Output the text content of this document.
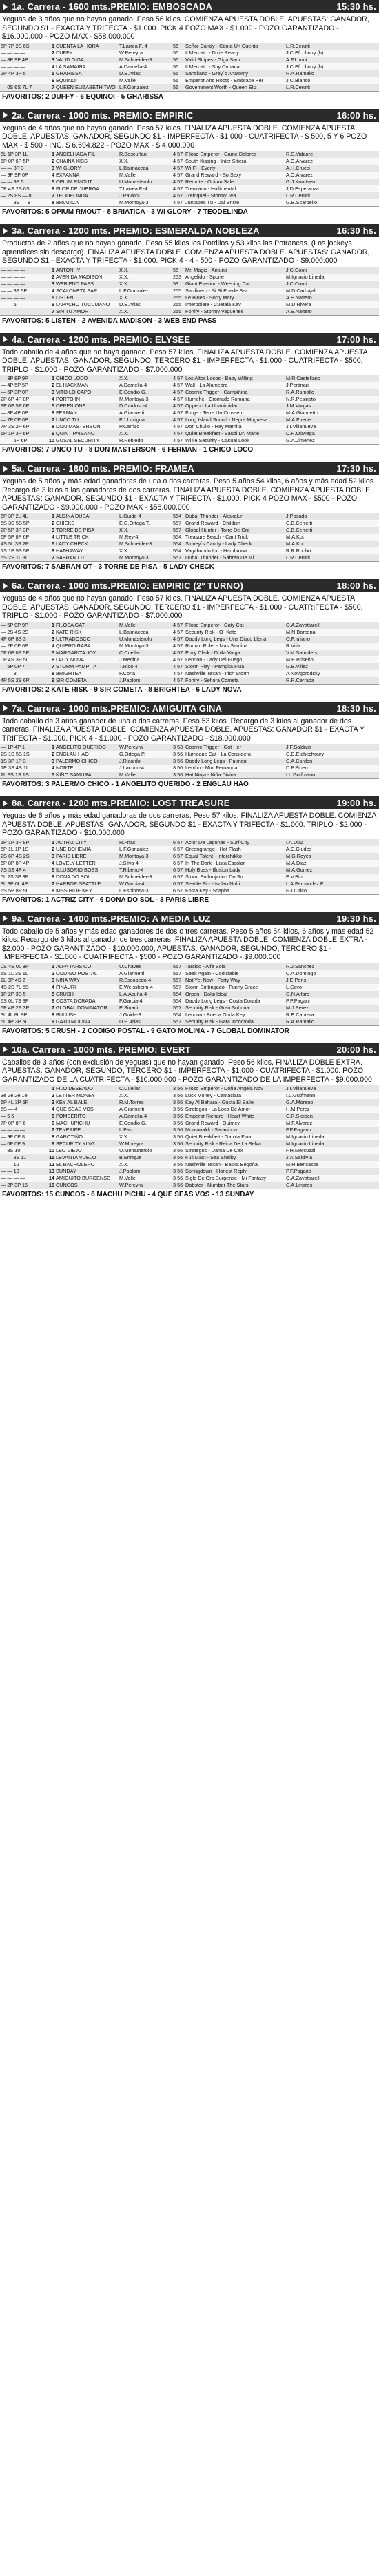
1a. Carrera - 1600 mts.PREMIO: EMBOSCADA	15:30 hs.
Yeguas de 3 años que no hayan ganado. Peso 56 kilos. COMIENZA APUESTA DOBLE. APUESTAS: GANADOR, SEGUNDO $1 - EXACTA Y TRIFECTA - $1.000. PICK 4 POZO MAX - $1.000 - POZO GARANTIZADO - $16.000.000 - POZO MAX - $58.000.000
5P 7P 2S 6S	1	CUENTA LA HORA	T.Larrea F.-4	56	Señor Candy - Conta Un Cuento	L.R.Cerutti
— — — —	2	DUFFY	W.Pereyra	56	Il Mercato - Dixie Ready	J.C.Ef. chouy (h)
— 8P 9P 4P	3	VALID GIGA	M.Schneider-3	56	Valid Stripes - Giga Sam	A.F.Lunni
— — — —	4	LA SAMARIA	A.Damelia-4	56	Il Mercato - Shy Cubana	J.C.Ef. chouy (h)
2P 4P 3P 5	5	GHARISSA	D.E.Arias	56	Santillano - Grey´s Anatomy	R.A.Ramallo
— — — —	6	EQUINOI	M.Valle	56	Emperor And Roots - Embrace Her	J.C.Blanco
— 0S 6S 7L 7	7	QUEEN ELIZABETH TWO	L.F.Gonzalez	56	Government Worth - Queen Eliz	L.R.Cerutti
FAVORITOS: 2 DUFFY - 6 EQUINOI - 5 GHARISSA
2a. Carrera - 1000 mts. PREMIO: EMPIRIC	16:00 hs.
Yeguas de 4 años que no hayan ganado. Peso 57 kilos. FINALIZA APUESTA DOBLE. COMIENZA APUESTA DOBLE. APUESTAS: GANADOR, SEGUNDO $1 - IMPERFECTA - $1.000 - CUATRIFECTA - $ 500, 5 Y 6 POZO MAX - $ 500 - INC. $ 6.694.822 - POZO MAX - $ 4.000.000
5L 1P 3P 1L	1	ANGELHADA FIL	R.Boscuñan	4 57	Filoso Emperor - Game Dolores	R.S.Vidaure
6P 0P 6P 5P	2	CHAINA KISS	X.X.	4 57	South Kissing - Inter Sitiera	A.O.Alvarez
— — 8P 3	3	WI GLORY	L.Balmaceda	4 57	Wi Fi - Everly	A.H.Crucci
— 9P 9P 0P	4	EXPANNA	M.Valle	4 57	Grand Reward - So Sexy	A.O.Alvarez
— — 9P 5	5	OPIUM RMOUT	U.Monasterolo	4 57	Remote - Opium Sale	G.J.Knuttsen
0P 4S 2S 6S	6	FLOR DE JUERGA	T.Larrea F.-4	4 57	Trenzado - Hollimental	J.D.Esperanza
— 2S 8S — 8	7	TEODELINDA	J.Pavloni	4 57	Treinquel - Stormy Tea	L.R.Cerutti
— — 8S — 8	8	BRIATICA	M.Montoya-3	4 57	Juntabas Tú - Dal Briste	G.E.Scarpello
FAVORITOS: 5 OPIUM RMOUT - 8 BRIATICA - 3 WI GLORY - 7 TEODELINDA
3a. Carrera - 1200 mts. PREMIO: ESMERALDA NOBLEZA	16:30 hs.
Productos de 2 años que no hayan ganado. Peso 55 kilos los Potrillos y 53 kilos las Potrancas. (Los jockeys aprendices sin descargo). FINALIZA APUESTA DOBLE. COMIENZA APUESTA DOBLE. APUESTAS: GANADOR, SEGUNDO $1 - EXACTA Y TRIFECTA - $1.000. PICK 4 - 4 - 500 - POZO GARANTIZADO - $9.000.000
— — — —	1	ANTONHY	X.X.	55	Mr. Magic - Antuna	J.C.Conti
— — — —	2	AVENIDA MADISON	X.X.	253	Angelido - Sporie	M.Ignacio Lineda
— — — —	3	WEB END PASS	X.X.	53	Giant Evasion - Weeping Cat	J.C.Conti
— — 3P 5P	4	SCALONETA SAR	L.F.Gonzalez	255	Sardinero - Si Si Puede Ser	M.D.Carbajal
— — — —	5	LISTEN	X.X.	255	Le Blues - Sorry Mary	A.E.Nattero
— — 5 —	6	LAPACHO TUCUMANO	D.E.Arias	255	Interpolate - Cuetala Kev	M.D.Rivera
— — — —	7	SIN TU AMOR	X.X.	255	Fortify - Stormy Vaguenes	A.E.Nattero
FAVORITOS: 5 LISTEN - 2 AVENIDA MADISON - 3 WEB END PASS
4a. Carrera - 1200 mts. PREMIO: ELYSEE	17:00 hs.
Todo caballo de 4 años que no haya ganado. Peso 57 kilos. FINALIZA APUESTA DOBLE. COMIENZA APUESTA DOBLE. APUESTAS: GANADOR, SEGUNDO, TERCERO $1 - IMPERFECTA - $1.000 - CUATRIFECTA - $500, TRIPLO - $1.000 - POZO GARANTIZADO - $7.000.000
— 3P 8P 9P	1	CHICO LOCO	X.X.	4 57	Los Altos Locos - Baby Willing	M.R.Castellano
— 4P 5P 5P	2	EL HACKMAN	A.Damelia-4	4 57	Wall - La Alamedra	J.Pertinari
— 5P 3P 0P	3	VITO LO CAPO	E.Cendio G.	4 57	Cosmic Trigger - Campiñina	R.A.Ramallo
2P 6P 4P 0P	4	PORTO IN	M.Montoya-3	4 57	Hurriche - Cromado Romana	N.R.Pesinato
9E 0P 5P 0P	5	OPPEN ONE	D.Cardoso-4	4 57	Oppen - La Unanimidad	J.M.Vargas
— 8P 4P 0P	6	FERMAN	A.Giannetti	4 57	Forge - Terre Un Crossem	M.A.Giannetto
— 7P 0P 6P	7	UNCO TU	F.J.Lucigna	4 57	Long Island Sound - Negra Muguesa	M.A.Fuerte
7P 3S 2P 6P	8	DON MASTERSON	P.Carrizo	4 57	Don Chullo - Hay Mamita	J.I.Villanueva
6P 1P 3P 6P	9	QUINT PAISANO	X.X.	4 57	Quiet Breakfast - Saudi Dr. Marie	D.R.Olavaga
— — 5P 6P	10	GUSAL SECURITY	R.Rebledo	4 57	Willie Security - Casual Look	G.A.Jimenez
FAVORITOS: 7 UNCO TU - 8 DON MASTERSON - 6 FERMAN - 1 CHICO LOCO
5a. Carrera - 1800 mts. PREMIO: FRAMEA	17:30 hs.
Yeguas de 5 años y más edad ganadoras de una o dos carreras. Peso 5 años 54 kilos, 6 años y más edad 52 kilos. Recargo de 3 kilos a las ganadoras de dos carreras. FINALIZA APUESTA DOBLE. COMIENZA APUESTA DOBLE. APUESTAS: GANADOR, SEGUNDO $1 - EXACTA Y TRIFECTA - $1.000. PICK 4 POZO MAX - $500 - POZO GARANTIZADO - $9.000.000 - POZO MAX - $58.000.000
6P 3P 2L 4L	1	ALDINA DUBAI	L.Guide-4	554	Dubai Thunder - Akakalur	J.Posado
5S 3S 5S 5P	2	CHIEKS	E.G.Ortega T.	557	Grand Reward - Childish	C.B.Cerretti
2P 5P 3P 3P	3	TORRE DE PISA	X.X.	557	Global Hunter - Torre De Oro	C.B.Cerretti
6P 5P 8P 6P	4	LITTLE TRICK	M.Rey-4	554	Treasure Beach - Cant Trick	M.A.Kot
4S 5L 3S 2P	5	LADY CHECK	M.Schneider-3	554	Sidney´s Candy - Lady Check	M.A.Kot
1S 1P 5S 5P	6	HATHAWAY	X.X.	554	Vagabundo Inc - Hambrona	R.R.Robbo
5S 2S 1L 3L	7	SABRAN OT	M.Montoya-3	557	Dubai Thunder - Sabran De Mi	L.R.Cerutti
FAVORITOS: 7 SABRAN OT - 3 TORRE DE PISA - 5 LADY CHECK
6a. Carrera - 1000 mts.PREMIO: EMPIRIC (2º TURNO)	18:00 hs.
Yeguas de 4 años que no hayan ganado. Peso 57 kilos. FINALIZA APUESTA DOBLE. COMIENZA APUESTA DOBLE. APUESTAS: GANADOR, SEGUNDO, TERCERO $1 - IMPERFECTA - $1.000 - CUATRIFECTA - $500, TRIPLO - $1.000 - POZO GARANTIZADO - $7.000.000
— 5P 0P 9P	1	FILOSA GAT	M.Valle	4 57	Filoso Emperor - Gaty Cat	O.A.Zavattarelli
— 2S 4S 2S	2	KATE RISK	L.Balmaceda	4 57	Security Risk - O´ Kate	M.N.Barcena
4P 6P 8S 3	3	ULTRADOSCO	U.Monasterolo	4 57	Daddy Long Legs - Una Disco Llena	O.F.Iuliano
— 2P 0P 6P	4	QUIERO RABA	M.Montoya-3	4 57	Roman Ruler - Mas Sardina	R.Vilia
0P 0P 0P 5P	5	MARGARITA JOY	C.Cuellar	4 57	Enzy Clerk - Dolfa Varga	V.M.Saunders
0P 4S 3P 5L	6	LADY NOVA	J.Medina	4 57	Lennon - Lady Del Fuego	M.E.Briseño
— 5P 0P 7	7	STORM PAMPITA	T.Rios-4	4 57	Storm Play - Pampita Flua	G.E.Villez
— — 8	8	BRIGHTEA	F.Coria	4 57	Nashville Texan - Irish Storm	A.Novgorodsky
4P 5S 2S 6P	9	SIR COMETA	J.Paoloni	4 57	Fortify - Sefiora Cometa	R.R.Cerrada
FAVORITOS: 2 KATE RISK - 9 SIR COMETA - 8 BRIGHTEA - 6 LADY NOVA
7a. Carrera - 1000 mts.PREMIO: AMIGUITA GINA	18:30 hs.
Todo caballo de 3 años ganador de una o dos carreras. Peso 53 kilos. Recargo de 3 kilos al ganador de dos carreras. FINALIZA APUESTA DOBLE. COMIENZA APUESTA DOBLE. APUESTAS: GANADOR $1 - EXACTA Y TRIFECTA - $1.000. PICK 4 - $1.000 - POZO GARANTIZADO - $18.000.000
— 1P 4P 1	1	ANGELITO QUERIDO	W.Pereyra	3 53	Cosmic Trigger - Got Her	J.F.Saldivia
2S 1S 5S 1S	2	ENGLAU HAO	G.Ortega P.	3 56	Hurricane Cat - La Considera	C.D.Etchechoury
1S 3P 1P 3	3	PALERMO CHICO	J.Ricardo	3 56	Daddy Long Legs - Pulmani	C.A.Cardon
1E 3S 4S 1L	4	NORTE	J.Lacono-4	3 56	Lentho - Mini Fernanda	D.P.Pinero
2L 3S 1S 1S	5	ÑIÑO SAMURAI	M.Valle	3 56	Hat Ninja - Niña Divina	I.L.Gutfmann
FAVORITOS: 3 PALERMO CHICO - 1 ANGELITO QUERIDO - 2 ENGLAU HAO
8a. Carrera - 1200 mts.PREMIO: LOST TREASURE	19:00 hs.
Yeguas de 6 años y más edad ganadoras de dos carreras. Peso 57 kilos. FINALIZA APUESTA DOBLE. COMIENZA APUESTA DOBLE. APUESTAS: GANADOR, SEGUNDO $1 - EXACTA Y TRIFECTA - $1.000. TRIPLO - $2.000 - POZO GARANTIZADO - $10.000.000
1P 1P 3P 8P	1	ACTRIZ CITY	R.Frias	6 57	Actor De Lagunas - Surf City	I.A.Diaz
5P 1L 1P 1S	2	UNE BOHEMIA	L.F.Gonzalez	6 57	Greengrange - Hot Flash	A.C.Giudes
2S 6P 4S 2S	3	PARIS LIBRE	M.Montoya-3	6 57	Equal Talent - Interchikko	M.G.Reyes
5P 8P 8P 4P	4	LOVELY LETTER	J.Silva-4	6 57	In The Dark - Lista Escolar	M.A.Diaz
7S 3S 4P 4	5	ILLUSORIO BOSS	T.Ribeiro-4	6 57	Holy Boss - Illusion Lady	M.A.Gomez
5L 2S 3P 3P	6	DONA DO SOL	M.Schneider-3	6 57	Storm Embrujado - Do So	E.V.Bini
3L 3P 0L 4P	7	HARBOR SEATTLE	W.Garcia-4	6 57	Seattle Fitz - Nolan Nobi	L.A.Fernandez F.
6S 5P 8P 9L	8	KISS HIDE KEY	L.Espinosa-3	6 57	Fosta Key - Scapha	F.J.Cirico
FAVORITOS: 1 ACTRIZ CITY - 6 DONA DO SOL - 3 PARIS LIBRE
9a. Carrera - 1400 mts.PREMIO: A MEDIA LUZ	19:30 hs.
Todo caballo de 5 años y más edad ganadores de dos o tres carreras. Peso 5 años 54 kilos, 6 años y más edad 52 kilos. Recargo de 3 kilos al ganador de tres carreras. FINALIZA APUESTA DOBLE. COMIENZA DOBLE EXTRA - $2.000 - POZO GARANTIZADO - $10.000.000, APUESTAS: GANADOR, SEGUNDO, TERCERO $1 - IMPERFECTA - $1.000 - CUATRIFECTA - $500 - POZO GARANTIZADO - $9.000.000
0S 4S 0L 8P	1	ALFA TARSICO	U.Chaves	557	Tarsico - Alfa Sola	R.J.Sanchez
5S 1L 3S 1L	2	CODIGO POSTAL	A.Giannetti	557	Seek Again - Codiciable	C.A.Domingo
2L 3P 4S 2	3	NINA WAY	R.Escobedo-4	557	Not Yet Now - Forty Way	J.E.Peris
4S 2S 7L 5S	4	FINAURI	E.Weissheim-4	557	Storm Embrujado - Funny Grace	L.Cavo
1P 2P 3S 5	5	CRUSH	L.A.Acuña-4	554	Orpen - Dolsi Ideal	G.N.Alfaro
6S 0L 7S 3P	6	COSTA DORADA	F.Garcia-4	554	Daddy Long Legs - Costa Dorada	P.P.Pagani
5P 4P 2P 3P	7	GLOBAL DOMINATOR	E.Sinani	557	Security Risk - Gran Sobrina	M.J.Perez
3L 4L 8L 9P	8	BULLISH	J.Guida-3	554	Lennon - Buena Onda Key	R.E.Cabrera
5L 4P 3P 5L	9	GATO MOLINA	D.E.Arias	557	Security Risk - Gata Incómoda	R.A.Ramallo
FAVORITOS: 5 CRUSH - 2 CODIGO POSTAL - 9 GATO MOLINA - 7 GLOBAL DOMINATOR
10a. Carrera - 1000 mts. PREMIO: EVERT	20:00 hs.
Caballos de 3 años (con exclusión de yeguas) que no hayan ganado. Peso 56 kilos. FINALIZA DOBLE EXTRA. APUESTAS: GANADOR, SEGUNDO, TERCERO $1 - IMPERFECTA - $1.000 - CUATRIFECTA - $1.000. POZO GARANTIZADO DE LA CUATRIFECTA - $10.000.000 - POZO GARANTIZADO DE LA IMPERFECTA - $9.000.000
— — — —	1	FILO DESEADO	C.Cuellar	3 56	Filoso Emperor - Doña Angela Nov	J.I.Villanueva
3e 2e 2e 1e	2	LETTER MONEY	X.X.	3 56	Luck Money - Cantaclara	I.L.Gutfmann
5P 4L 3P 6P	3	KEY AL BALE	R.M.Torres	3 56	Key Al Bahara - Gosta El Baile	G.A.Moreno
5S — 4	4	QUE SEAS VOS	A.Giannetti	3 56	Strategos - La Loca De Amor	H.M.Perez
— 5 5	5	POMBERITO	A.Damelia-4	3 56	Emperor Richard - Heart White	C.R.Sleiben
7P 0P 8P 6	6	MACHUPICHU	E.Cendio G.	3 56	Grand Reward - Quimey	M.F.Alvarez
— — — —	7	TENERIFE	L.Paiz	3 56	Montaoaldi - Saravinna	F.F.Pagano
— 9P 0P 8	8	GAROTIÑO	X.X.	3 56	Quiet Breakfast - Garota Fina	M.Ignacio Lineda
— 0P 0P 9	9	SECURITY KING	W.Moreyra	3 56	Security Risk - Reina De La Selva	M.Ignacio Lineda
— 8S 10	10	LEO VIEJO	U.Monasterolo	3 56	Strategos - Dama De Cax	F.H.Mercuzzi
— — 8S 11	11	LEVANTA VUELO	B.Enrique	3 56	Full Mast - Sea Shelby	J.A.Saldivia
— — 12	12	EL BACHOLERO	X.X.	3 56	Nashville Texan - Baska Begoña	M.H.Bencasse
— — 13	13	SUNDAY	J.Paoloni	3 56	Springdown - Honest Reply	P.F.Pagano
— — — —	14	AMIGUITO BURGENSE	M.Valle	3 56	Siglo De Oro Burgense - Mi Fantasy	O.A.Zavattarelli
— 2P 3P 15	15	CUNCOS	W.Pereyra	3 56	Dabster - Number The Stars	C.A.Linares
FAVORITOS: 15 CUNCOS - 6 MACHU PICHU - 4 QUE SEAS VOS - 13 SUNDAY
